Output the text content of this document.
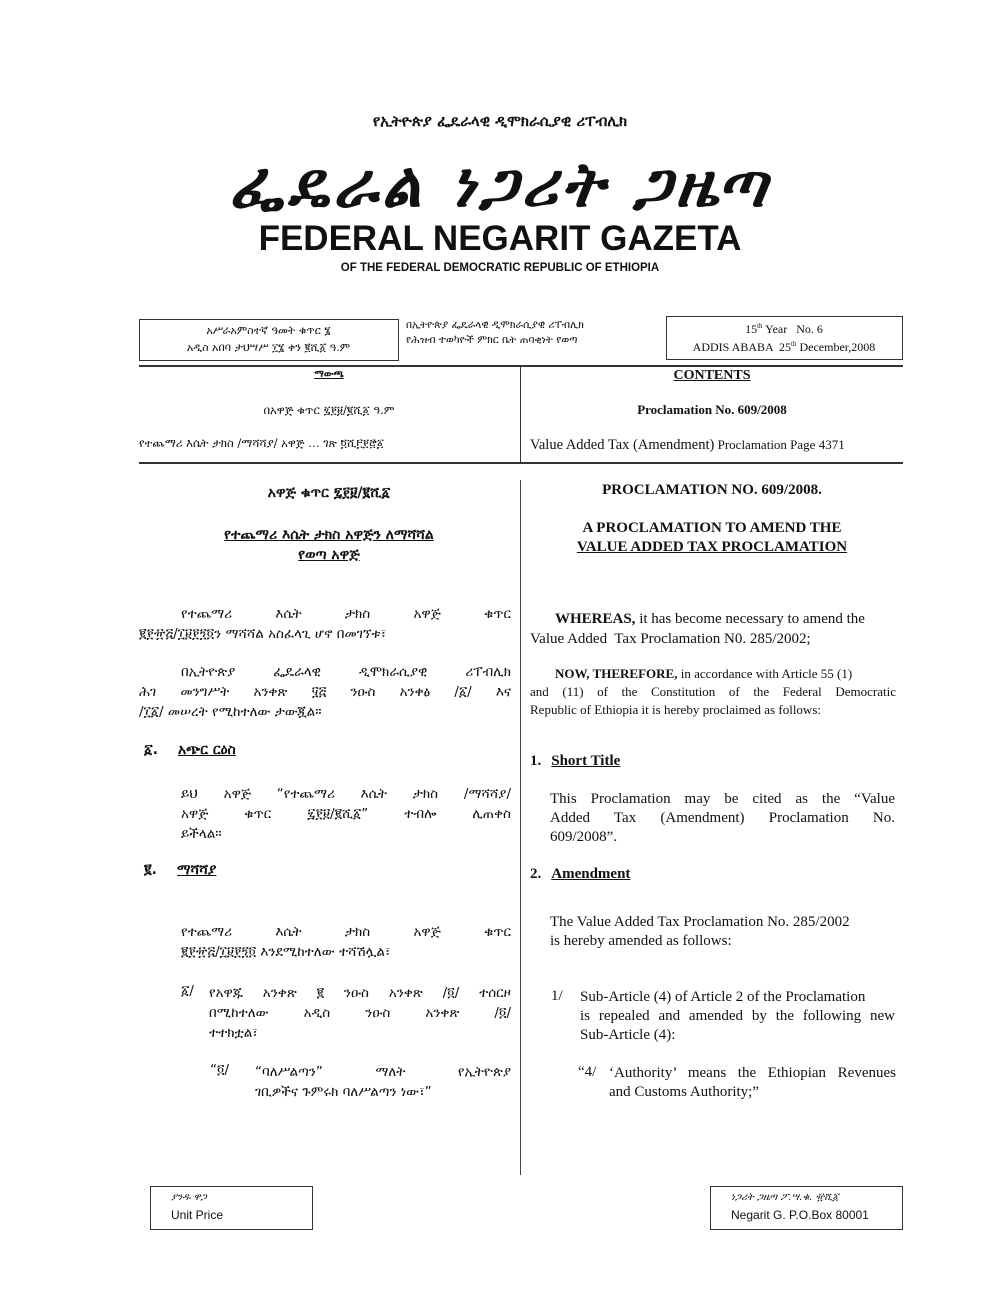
የኢትዮጵያ ፌዴራላዊ ዲሞክራሲያዊ ሪፐብሊክ
ፌዴራል ነጋሪት ጋዜጣ
FEDERAL NEGARIT GAZETA
OF THE FEDERAL DEMOCRATIC REPUBLIC OF ETHIOPIA
አሥራአምስተኛ ዓመት ቁጥር ፮
አዲስ አበባ ታህሣሥ ፲፮ ቀን ፪ሺ፩ ዓ.ም
በኢትዮጵያ ፌዴራላዊ ዲሞክራሲያዊ ሪፐብሊክ
የሕዝብ ተወካዮች ምክር ቤት ጠባቂነት የወጣ
15th Year   No. 6
ADDIS ABABA  25th December,2008
ማውጫ	CONTENTS
በአዋጅ ቁጥር ፯፻፱/፪ሺ፩ ዓ.ም	Proclamation No. 609/2008
የተጨማሪ እሴት ታክስ /ማሻሻያ/ አዋጅ … ገጽ ፬ሺ፫፻፸፩	Value Added Tax (Amendment) Proclamation Page 4371
አዋጅ ቁጥር ፯፻፱/፪ሺ፩
የተጨማሪ እሴት ታክስ አዋጅን ለማሻሻል
የወጣ አዋጅ
የተጨማሪ እሴት ታክስ አዋጅ ቁጥር
፪፻፹፭/፲፱፻፺፬ን ማሻሻል አስፈላጊ ሆኖ በመገኘቱ፣
በኢትዮጵያ ፌዴራላዊ ዲሞክራሲያዊ ሪፐብሊክ
ሕገ መንግሥት አንቀጽ ፶፭ ንዑስ አንቀፅ /፩/ እና
/፲፩/ መሠረት የሚከተለው ታውጇል።
፩. አጭር ርዕስ
ይህ አዋጅ “የተጨማሪ እሴት ታክስ /ማሻሻያ/
አዋጅ ቁጥር ፯፻፱/፪ሺ፩” ተብሎ ሊጠቀስ
ይችላል።
፪. ማሻሻያ
የተጨማሪ እሴት ታክስ አዋጅ ቁጥር
፪፻፹፭/፲፱፻፺፬ እንደሚከተለው ተሻሽሏል፣
፩/	የአዋጁ አንቀጽ ፪ ንዑስ አንቀጽ /፬/ ተሰርዞ
በሚከተለው አዲስ ንዑስ አንቀጽ /፬/
ተተክቷል፣
“፬/	“ባለሥልጣን” ማለት የኢትዮጵያ
ገቢዎችና ጉምሩክ ባለሥልጣን ነው፣”
PROCLAMATION NO. 609/2008.
A PROCLAMATION TO AMEND THE
VALUE ADDED TAX PROCLAMATION
WHEREAS, it has become necessary to amend the
Value Added  Tax Proclamation N0. 285/2002;
NOW, THEREFORE, in accordance with Article 55 (1)
and (11) of the Constitution of the Federal Democratic
Republic of Ethiopia it is hereby proclaimed as follows:
1. Short Title
This Proclamation may be cited as the “Value
Added Tax (Amendment) Proclamation No.
609/2008”.
2. Amendment
The Value Added Tax Proclamation No. 285/2002
is hereby amended as follows:
1/	Sub-Article (4) of Article 2 of the Proclamation
is repealed and amended by the following new
Sub-Article (4):
“4/ ‘Authority’ means the Ethiopian Revenues
and Customs Authority;”
ያንዱ ዋጋ
Unit Price
ነጋሪት ጋዜጣ ፖ.ሣ.ቁ. ፹ሺ፩
Negarit G. P.O.Box 80001
